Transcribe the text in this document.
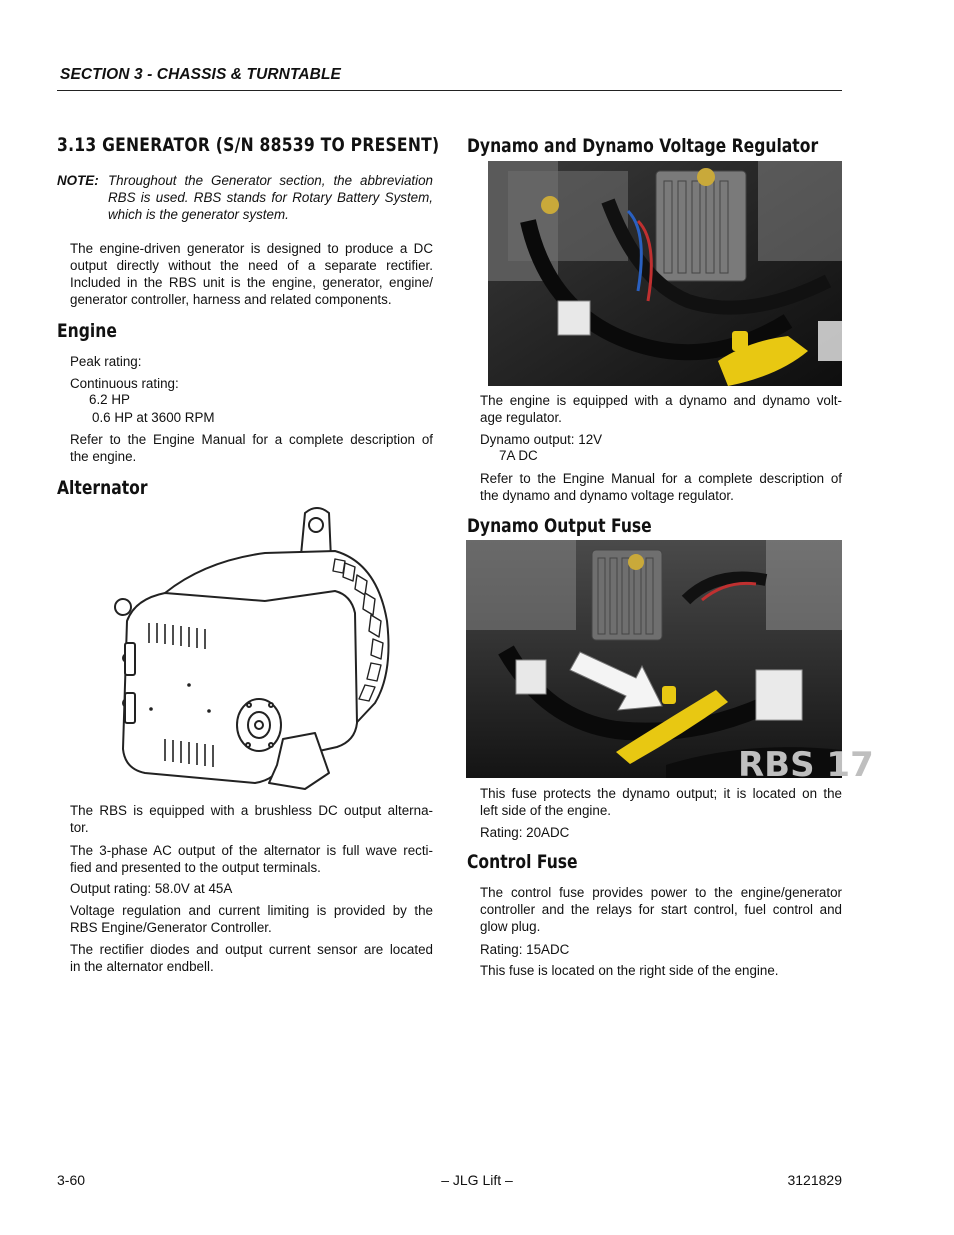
SECTION 3 - CHASSIS & TURNTABLE
3.13 GENERATOR (S/N 88539 TO PRESENT)
NOTE: Throughout the Generator section, the abbreviation
RBS is used. RBS stands for Rotary Battery System,
which is the generator system.
The engine-driven generator is designed to produce a DC
output directly without the need of a separate rectifier.
Included in the RBS unit is the engine, generator, engine/
generator controller, harness and related components.
Engine
Peak rating:
Continuous rating:
6.2 HP
0.6 HP at 3600 RPM
Refer to the Engine Manual for a complete description of
the engine.
Alternator
The RBS is equipped with a brushless DC output alterna-
tor.
The 3-phase AC output of the alternator is full wave recti-
fied and presented to the output terminals.
Output rating: 58.0V at 45A
Voltage regulation and current limiting is provided by the
RBS Engine/Generator Controller.
The rectifier diodes and output current sensor are located
in the alternator endbell.
Dynamo and Dynamo Voltage Regulator
The engine is equipped with a dynamo and dynamo volt-
age regulator.
Dynamo output: 12V
7A DC
Refer to the Engine Manual for a complete description of
the dynamo and dynamo voltage regulator.
Dynamo Output Fuse
RBS 17
This fuse protects the dynamo output; it is located on the
left side of the engine.
Rating: 20ADC
Control Fuse
The control fuse provides power to the engine/generator
controller and the relays for start control, fuel control and
glow plug.
Rating: 15ADC
This fuse is located on the right side of the engine.
3-60	– JLG Lift –	3121829
